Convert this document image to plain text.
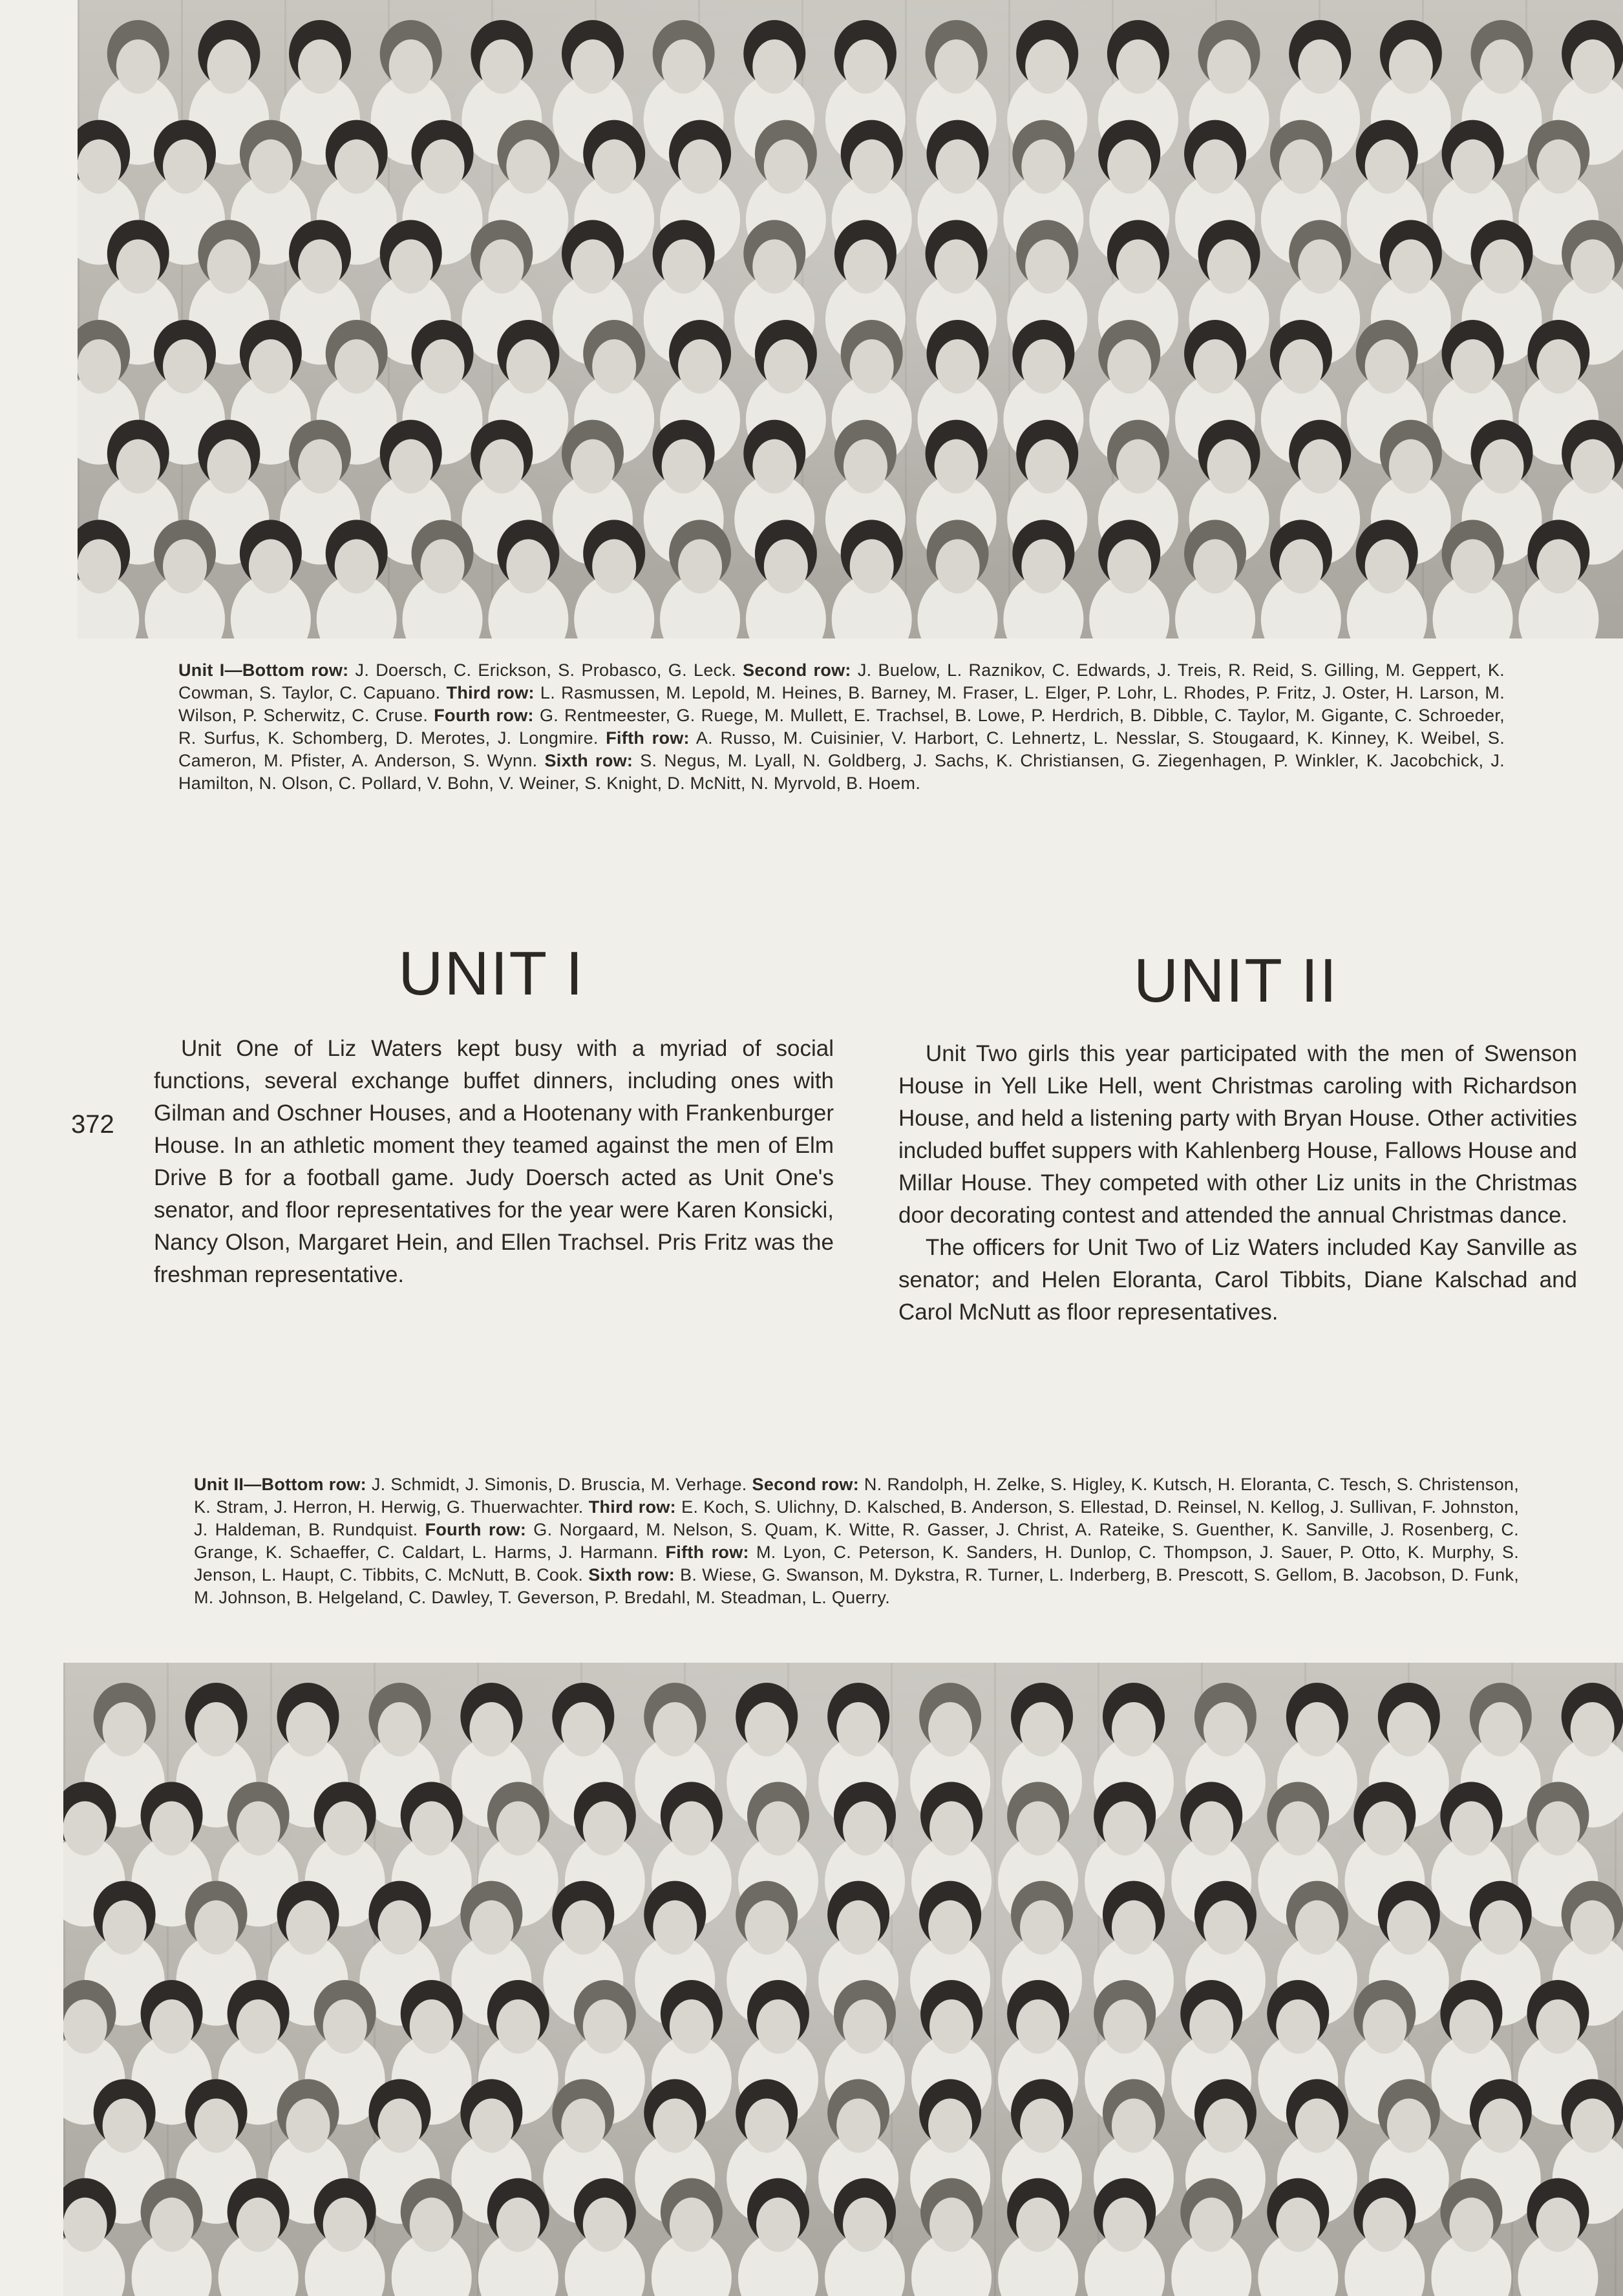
Unit I—Bottom row: J. Doersch, C. Erickson, S. Probasco, G. Leck. Second row: J. Buelow, L. Raznikov, C. Edwards, J. Treis, R. Reid, S. Gilling, M. Geppert, K. Cowman, S. Taylor, C. Capuano. Third row: L. Rasmussen, M. Lepold, M. Heines, B. Barney, M. Fraser, L. Elger, P. Lohr, L. Rhodes, P. Fritz, J. Oster, H. Larson, M. Wilson, P. Scherwitz, C. Cruse. Fourth row: G. Rentmeester, G. Ruege, M. Mullett, E. Trachsel, B. Lowe, P. Herdrich, B. Dibble, C. Taylor, M. Gigante, C. Schroeder, R. Surfus, K. Schomberg, D. Merotes, J. Longmire. Fifth row: A. Russo, M. Cuisinier, V. Harbort, C. Lehnertz, L. Nesslar, S. Stougaard, K. Kinney, K. Weibel, S. Cameron, M. Pfister, A. Anderson, S. Wynn. Sixth row: S. Negus, M. Lyall, N. Goldberg, J. Sachs, K. Christiansen, G. Ziegenhagen, P. Winkler, K. Jacobchick, J. Hamilton, N. Olson, C. Pollard, V. Bohn, V. Weiner, S. Knight, D. McNitt, N. Myrvold, B. Hoem.
UNIT I	UNIT II
372

Unit One of Liz Waters kept busy with a myriad of social functions, several exchange buffet dinners, including ones with Gilman and Oschner Houses, and a Hootenany with Frankenburger House. In an athletic moment they teamed against the men of Elm Drive B for a football game. Judy Doersch acted as Unit One's senator, and floor representatives for the year were Karen Konsicki, Nancy Olson, Margaret Hein, and Ellen Trachsel. Pris Fritz was the freshman representative.

Unit Two girls this year participated with the men of Swenson House in Yell Like Hell, went Christmas caroling with Richardson House, and held a listening party with Bryan House. Other activities included buffet suppers with Kahlenberg House, Fallows House and Millar House. They competed with other Liz units in the Christmas door decorating contest and attended the annual Christmas dance.

The officers for Unit Two of Liz Waters included Kay Sanville as senator; and Helen Eloranta, Carol Tibbits, Diane Kalschad and Carol McNutt as floor representatives.

Unit II—Bottom row: J. Schmidt, J. Simonis, D. Bruscia, M. Verhage. Second row: N. Randolph, H. Zelke, S. Higley, K. Kutsch, H. Eloranta, C. Tesch, S. Christenson, K. Stram, J. Herron, H. Herwig, G. Thuerwachter. Third row: E. Koch, S. Ulichny, D. Kalsched, B. Anderson, S. Ellestad, D. Reinsel, N. Kellog, J. Sullivan, F. Johnston, J. Haldeman, B. Rundquist. Fourth row: G. Norgaard, M. Nelson, S. Quam, K. Witte, R. Gasser, J. Christ, A. Rateike, S. Guenther, K. Sanville, J. Rosenberg, C. Grange, K. Schaeffer, C. Caldart, L. Harms, J. Harmann. Fifth row: M. Lyon, C. Peterson, K. Sanders, H. Dunlop, C. Thompson, J. Sauer, P. Otto, K. Murphy, S. Jenson, L. Haupt, C. Tibbits, C. McNutt, B. Cook. Sixth row: B. Wiese, G. Swanson, M. Dykstra, R. Turner, L. Inderberg, B. Prescott, S. Gellom, B. Jacobson, D. Funk, M. Johnson, B. Helgeland, C. Dawley, T. Geverson, P. Bredahl, M. Steadman, L. Querry.
